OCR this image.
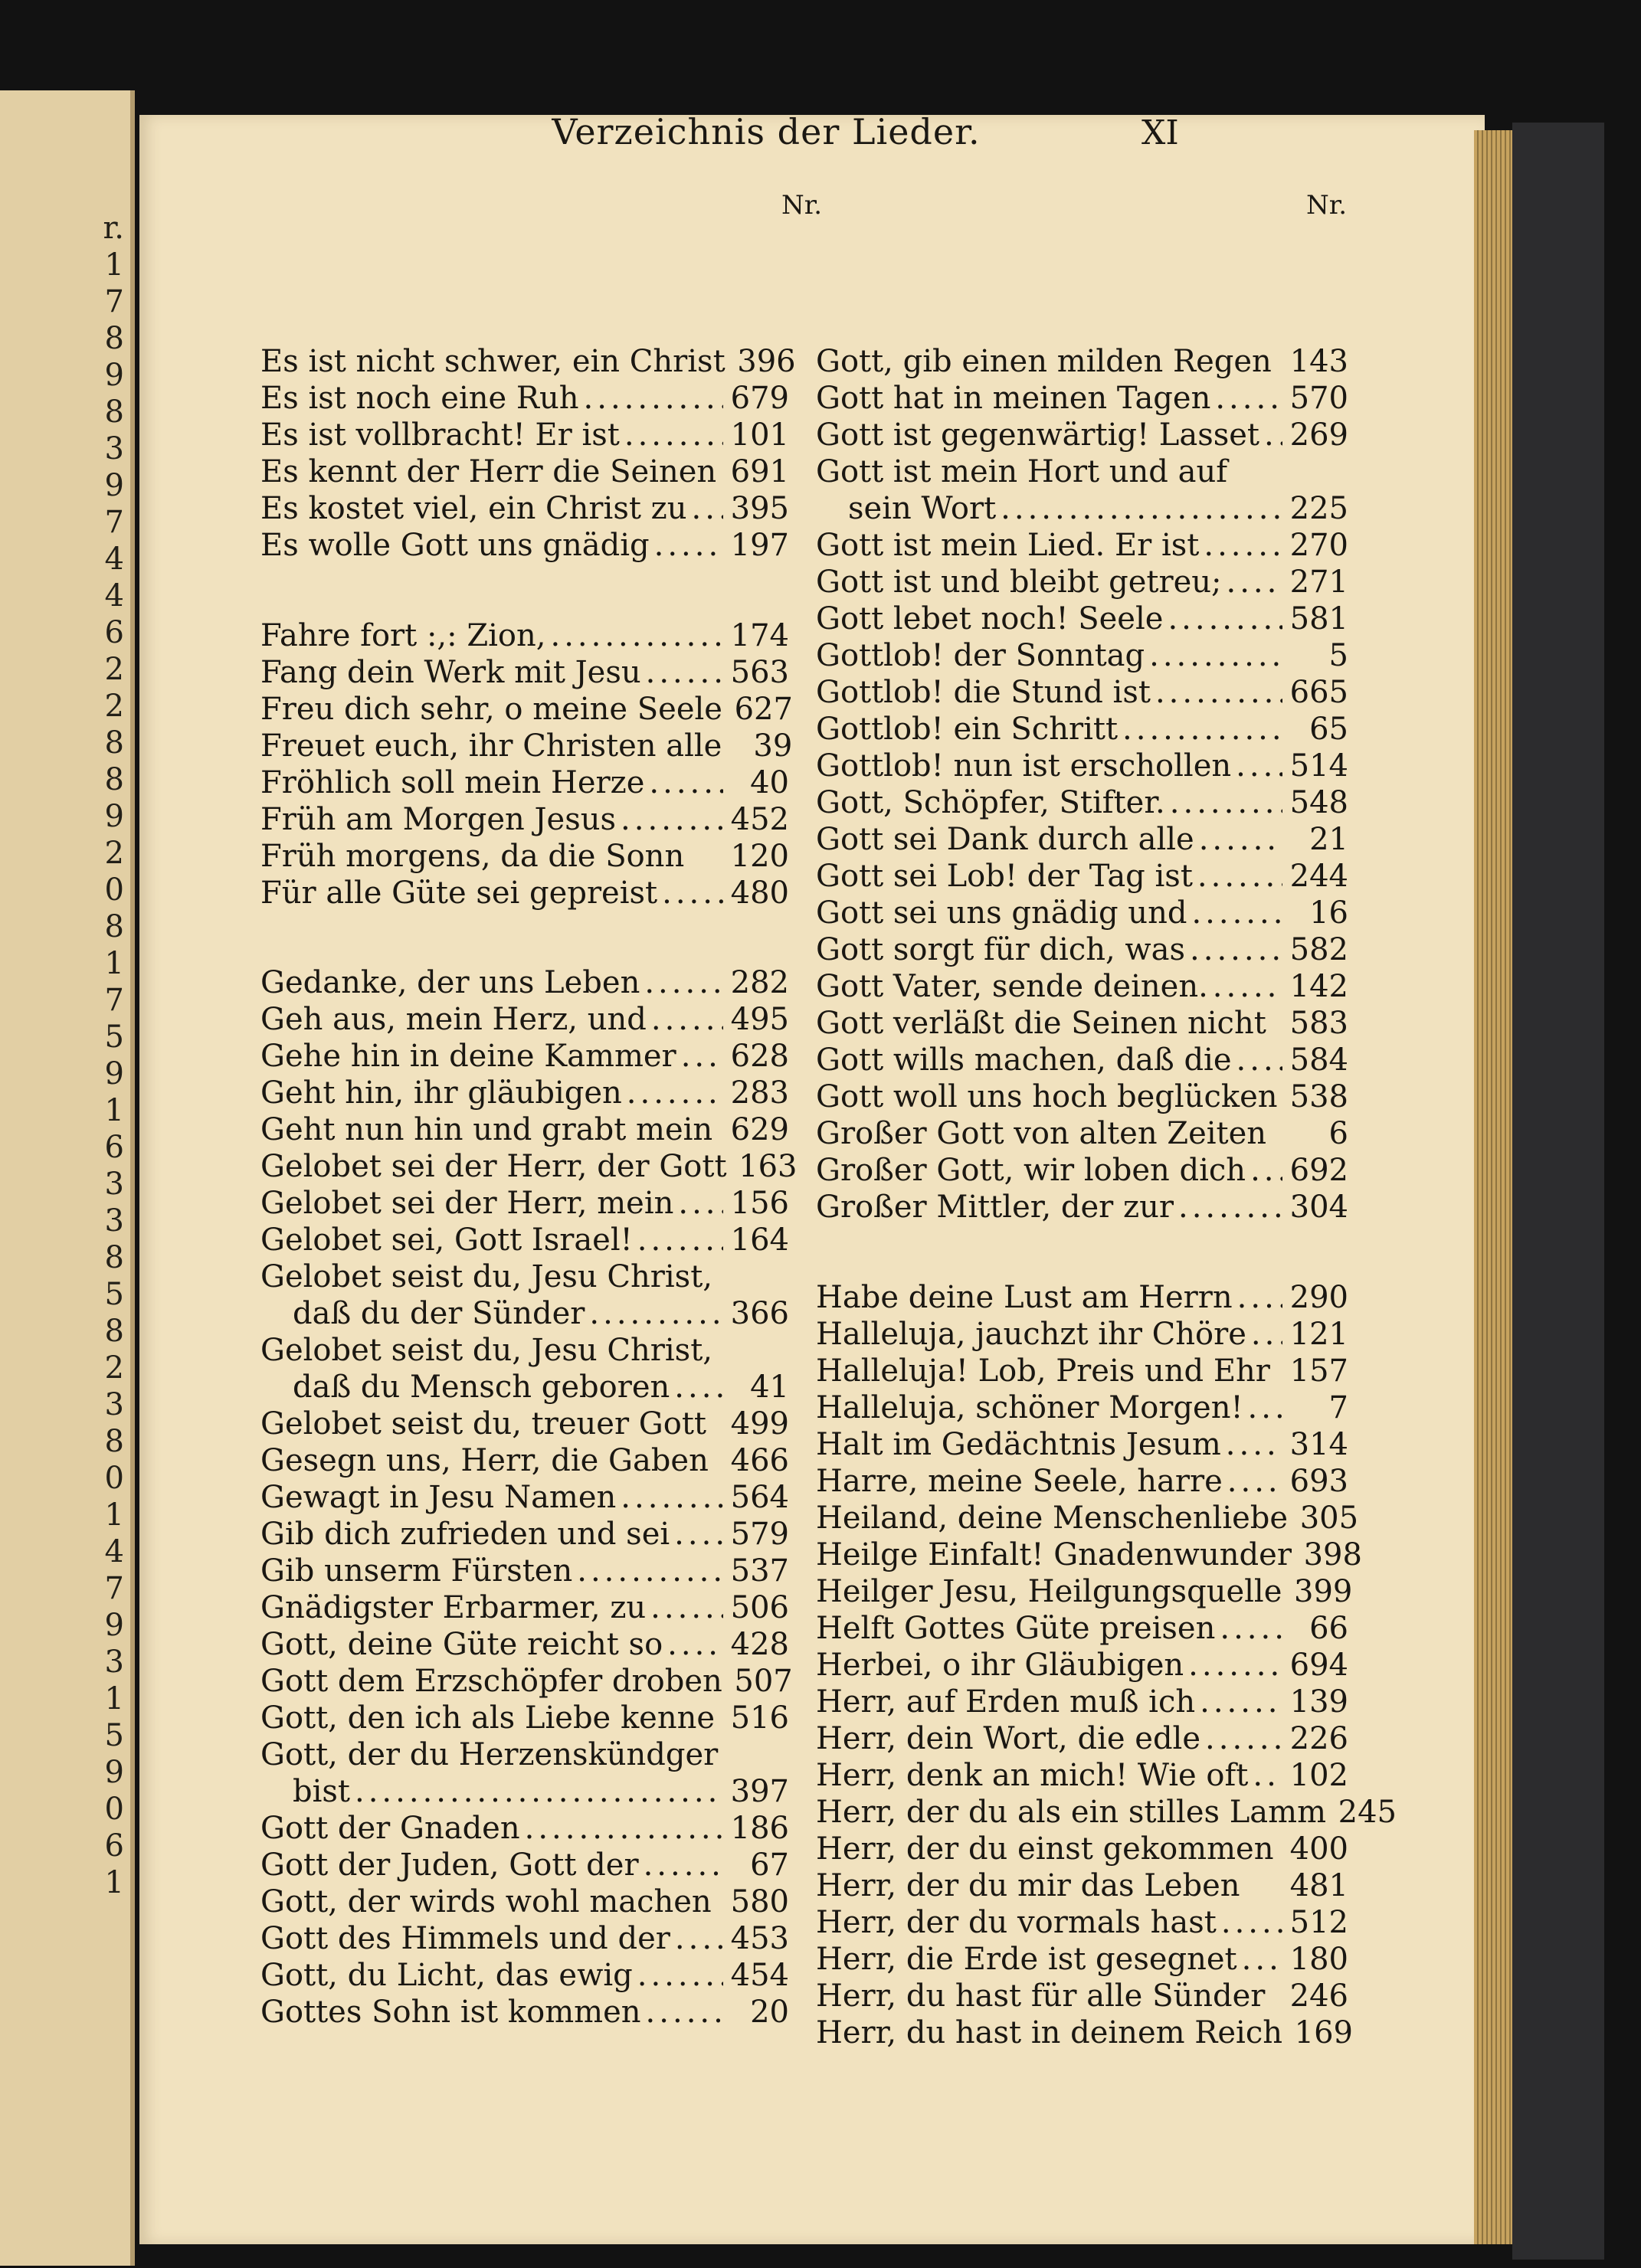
r.
1
7
8
9
8
3
9
7
4
4
6
2
2
8
8
9
2
0
8
1
7
5
9
1
6
3
3
8
5
8
2
3
8
0
1
4
7
9
3
1
5
9
0
6
1
Verzeichnis der Lieder.	XI
Nr.	Nr.
Es ist nicht schwer, ein Christ 396
Es ist noch eine Ruh .....	679
Es ist vollbracht! Er ist .....	101
Es kennt der Herr die Seinen 691
Es kostet viel, ein Christ zu ..... 395
Es wolle Gott uns gnädig .....	197
Fahre fort :,: Zion, .....	174
Fang dein Werk mit Jesu .....	563
Freu dich sehr, o meine Seele 627
Freuet euch, ihr Christen alle	39
Fröhlich soll mein Herze .....	40
Früh am Morgen Jesus .....	452
Früh morgens, da die Sonn 120
Für alle Güte sei gepreist ..... 480
Gedanke, der uns Leben .....	282
Geh aus, mein Herz, und .....	495
Gehe hin in deine Kammer ..... 628
Geht hin, ihr gläubigen .....	283
Geht nun hin und grabt mein 629
Gelobet sei der Herr, der Gott 163
Gelobet sei der Herr, mein ..... 156
Gelobet sei, Gott Israel! .....	164
Gelobet seist du, Jesu Christ,
daß du der Sünder .....	366
Gelobet seist du, Jesu Christ,
daß du Mensch geboren .....	41
Gelobet seist du, treuer Gott 499
Gesegn uns, Herr, die Gaben 466
Gewagt in Jesu Namen .....	564
Gib dich zufrieden und sei ..... 579
Gib unserm Fürsten .....	537
Gnädigster Erbarmer, zu .....	506
Gott, deine Güte reicht so ..... 428
Gott dem Erzschöpfer droben 507
Gott, den ich als Liebe kenne 516
Gott, der du Herzenskündger
bist .....	397
Gott der Gnaden .....	186
Gott der Juden, Gott der .....	67
Gott, der wirds wohl machen 580
Gott des Himmels und der ..... 453
Gott, du Licht, das ewig .....	454
Gottes Sohn ist kommen .....	20
Gott, gib einen milden Regen 143
Gott hat in meinen Tagen .....	570
Gott ist gegenwärtig! Lasset ..... 269
Gott ist mein Hort und auf
sein Wort .....	225
Gott ist mein Lied. Er ist .....	270
Gott ist und bleibt getreu; ..... 271
Gott lebet noch! Seele .....	581
Gottlob! der Sonntag .....	5
Gottlob! die Stund ist .....	665
Gottlob! ein Schritt .....	65
Gottlob! nun ist erschollen ..... 514
Gott, Schöpfer, Stifter. .....	548
Gott sei Dank durch alle .....	21
Gott sei Lob! der Tag ist .....	244
Gott sei uns gnädig und .....	16
Gott sorgt für dich, was .....	582
Gott Vater, sende deinen. .....	142
Gott verläßt die Seinen nicht 583
Gott wills machen, daß die ..... 584
Gott woll uns hoch beglücken 538
Großer Gott von alten Zeiten	6
Großer Gott, wir loben dich ..... 692
Großer Mittler, der zur .....	304
Habe deine Lust am Herrn ..... 290
Halleluja, jauchzt ihr Chöre ..... 121
Halleluja! Lob, Preis und Ehr 157
Halleluja, schöner Morgen! .....	7
Halt im Gedächtnis Jesum ..... 314
Harre, meine Seele, harre ..... 693
Heiland, deine Menschenliebe 305
Heilge Einfalt! Gnadenwunder 398
Heilger Jesu, Heilgungsquelle 399
Helft Gottes Güte preisen .....	66
Herbei, o ihr Gläubigen .....	694
Herr, auf Erden muß ich .....	139
Herr, dein Wort, die edle .....	226
Herr, denk an mich! Wie oft ..... 102
Herr, der du als ein stilles Lamm 245
Herr, der du einst gekommen 400
Herr, der du mir das Leben 481
Herr, der du vormals hast ..... 512
Herr, die Erde ist gesegnet ..... 180
Herr, du hast für alle Sünder 246
Herr, du hast in deinem Reich 169
